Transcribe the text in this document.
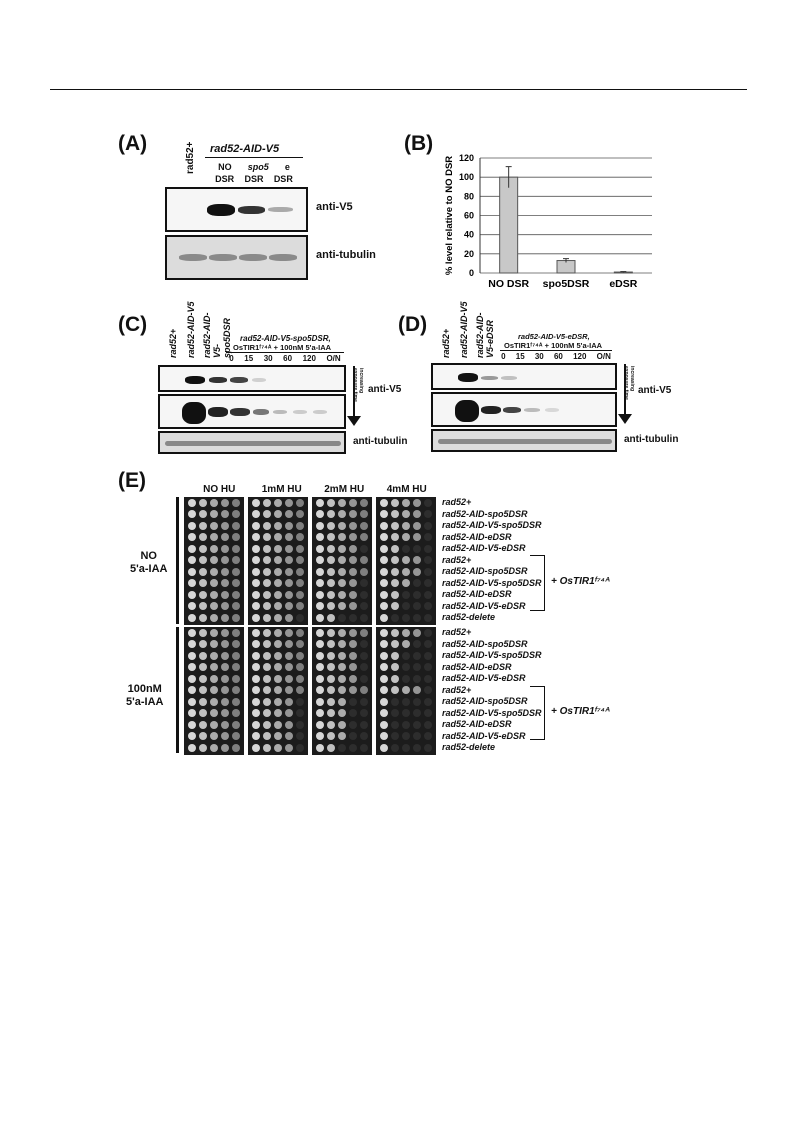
(A)	rad52+ rad52-AID-V5
NO spo5 e
DSR DSR DSR
anti-V5
anti-tubulin
(B)
0
20
40
60
80
100
120
% level relative to NO DSR
NO DSR spo5DSR eDSR
(C)
rad52+ rad52-AID-V5 rad52-AID-V5-spo5DSR rad52-AID-V5-spo5DSR,
OsTIR1ᶠ⁷⁴ᴬ + 100nM 5'a-IAA
0 15 30 60 120 O/N
increasing exposure time	anti-V5
anti-tubulin
(D)
rad52+ rad52-AID-V5 rad52-AID-V5-eDSR	rad52-AID-V5-eDSR,
OsTIR1ᶠ⁷⁴ᴬ + 100nM 5'a-IAA
0 15 30 60 120 O/N
increasing exposure time anti-V5
anti-tubulin
(E)	NO HU	1mM HU	2mM HU	4mM HU
NO
5'a-IAA
100nM
5'a-IAA
rad52+
rad52-AID-spo5DSR
rad52-AID-V5-spo5DSR
rad52-AID-eDSR
rad52-AID-V5-eDSR
rad52+
rad52-AID-spo5DSR
rad52-AID-V5-spo5DSR
rad52-AID-eDSR
rad52-AID-V5-eDSR
rad52-delete
rad52+
rad52-AID-spo5DSR
rad52-AID-V5-spo5DSR
rad52-AID-eDSR
rad52-AID-V5-eDSR
rad52+
rad52-AID-spo5DSR
rad52-AID-V5-spo5DSR
rad52-AID-eDSR
rad52-AID-V5-eDSR
rad52-delete
+ OsTIR1ᶠ⁷⁴ᴬ
+ OsTIR1ᶠ⁷⁴ᴬ
